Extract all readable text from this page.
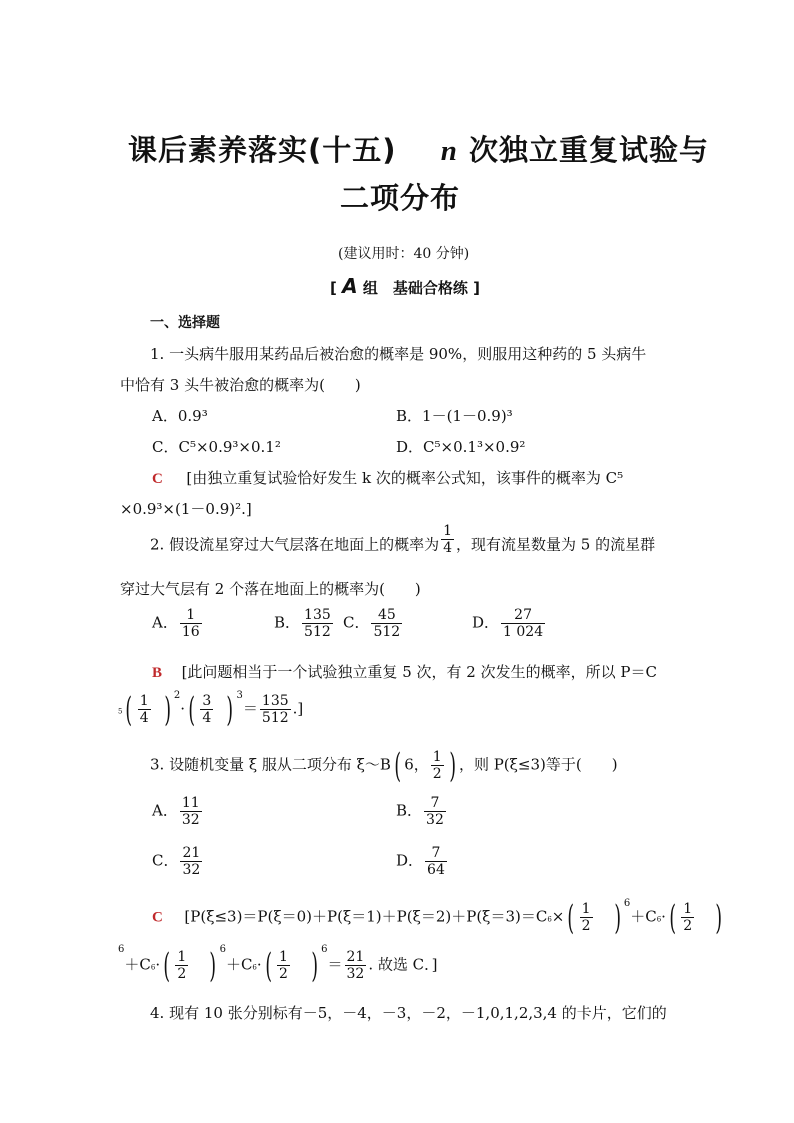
课后素养落实(十五) n 次独立重复试验与
二项分布
(建议用时：40 分钟)
[ A 组　基础合格练 ]
一、选择题
1. 一头病牛服用某药品后被治愈的概率是 90%，则服用这种药的 5 头病牛
中恰有 3 头牛被治愈的概率为(　　)
A．0.9³	B．1－(1－0.9)³
C．C⁵×0.9³×0.1²	D．C⁵×0.1³×0.9²
C [由独立重复试验恰好发生 k 次的概率公式知，该事件的概率为 C⁵
×0.9³×(1－0.9)².]
2. 假设流星穿过大气层落在地面上的概率为 $\frac{1}{4}$ ，现有流星数量为 5 的流星群
穿过大气层有 2 个落在地面上的概率为(　　)
A． $\frac{1}{16}$	B． $\frac{135}{512}$ C． $\frac{45}{512}$	D． $\frac{27}{1 024}$
B [此问题相当于一个试验独立重复 5 次，有 2 次发生的概率，所以 P＝C
$5( \frac{1}{4}$ ) $^2\cdot( \frac{3}{4}$ ) $^3= \frac{135}{512}$ .]
3. 设随机变量 ξ 服从二项分布 ξ～B( 6， $\frac{1}{2}$ ) ，则 P(ξ≤3)等于(　　)
A． $\frac{11}{32}$	B． $\frac{7}{32}$
C． $\frac{21}{32}$	D． $\frac{7}{64}$
C [$P(\xi\le 3)=P(\xi=0)+P(\xi=1)+P(\xi=2)+P(\xi=3)=C6\times( \frac{1}{2}$ ) $^6+C6\cdot( \frac{1}{2}$ )
$^6+C6\cdot( \frac{1}{2}$ ) $^6+C6\cdot( \frac{1}{2}$ ) $^6= \frac{21}{32}$ . 故选 C．]
4. 现有 10 张分别标有－5，－4，－3，－2，－1,0,1,2,3,4 的卡片，它们的
